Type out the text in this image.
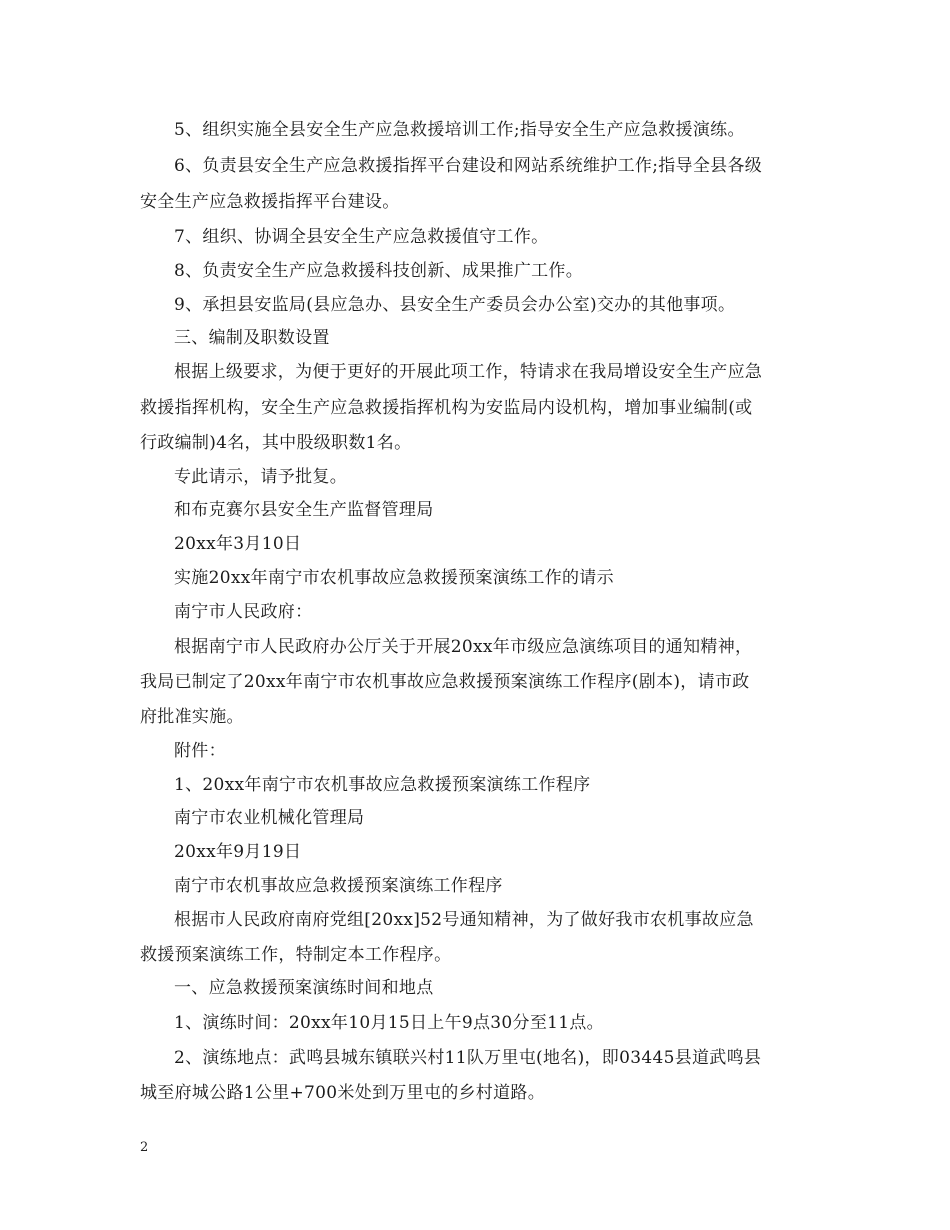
5、组织实施全县安全生产应急救援培训工作;指导安全生产应急救援演练。
6、负责县安全生产应急救援指挥平台建设和网站系统维护工作;指导全县各级
安全生产应急救援指挥平台建设。
7、组织、协调全县安全生产应急救援值守工作。
8、负责安全生产应急救援科技创新、成果推广工作。
9、承担县安监局(县应急办、县安全生产委员会办公室)交办的其他事项。
三、编制及职数设置
根据上级要求，为便于更好的开展此项工作，特请求在我局增设安全生产应急
救援指挥机构，安全生产应急救援指挥机构为安监局内设机构，增加事业编制(或
行政编制)4名，其中股级职数1名。
专此请示，请予批复。
和布克赛尔县安全生产监督管理局
20xx年3月10日
实施20xx年南宁市农机事故应急救援预案演练工作的请示
南宁市人民政府：
根据南宁市人民政府办公厅关于开展20xx年市级应急演练项目的通知精神，
我局已制定了20xx年南宁市农机事故应急救援预案演练工作程序(剧本)，请市政
府批准实施。
附件：
1、20xx年南宁市农机事故应急救援预案演练工作程序
南宁市农业机械化管理局
20xx年9月19日
南宁市农机事故应急救援预案演练工作程序
根据市人民政府南府党组[20xx]52号通知精神，为了做好我市农机事故应急
救援预案演练工作，特制定本工作程序。
一、应急救援预案演练时间和地点
1、演练时间：20xx年10月15日上午9点30分至11点。
2、演练地点：武鸣县城东镇联兴村11队万里屯(地名)，即03445县道武鸣县
城至府城公路1公里+700米处到万里屯的乡村道路。
2
